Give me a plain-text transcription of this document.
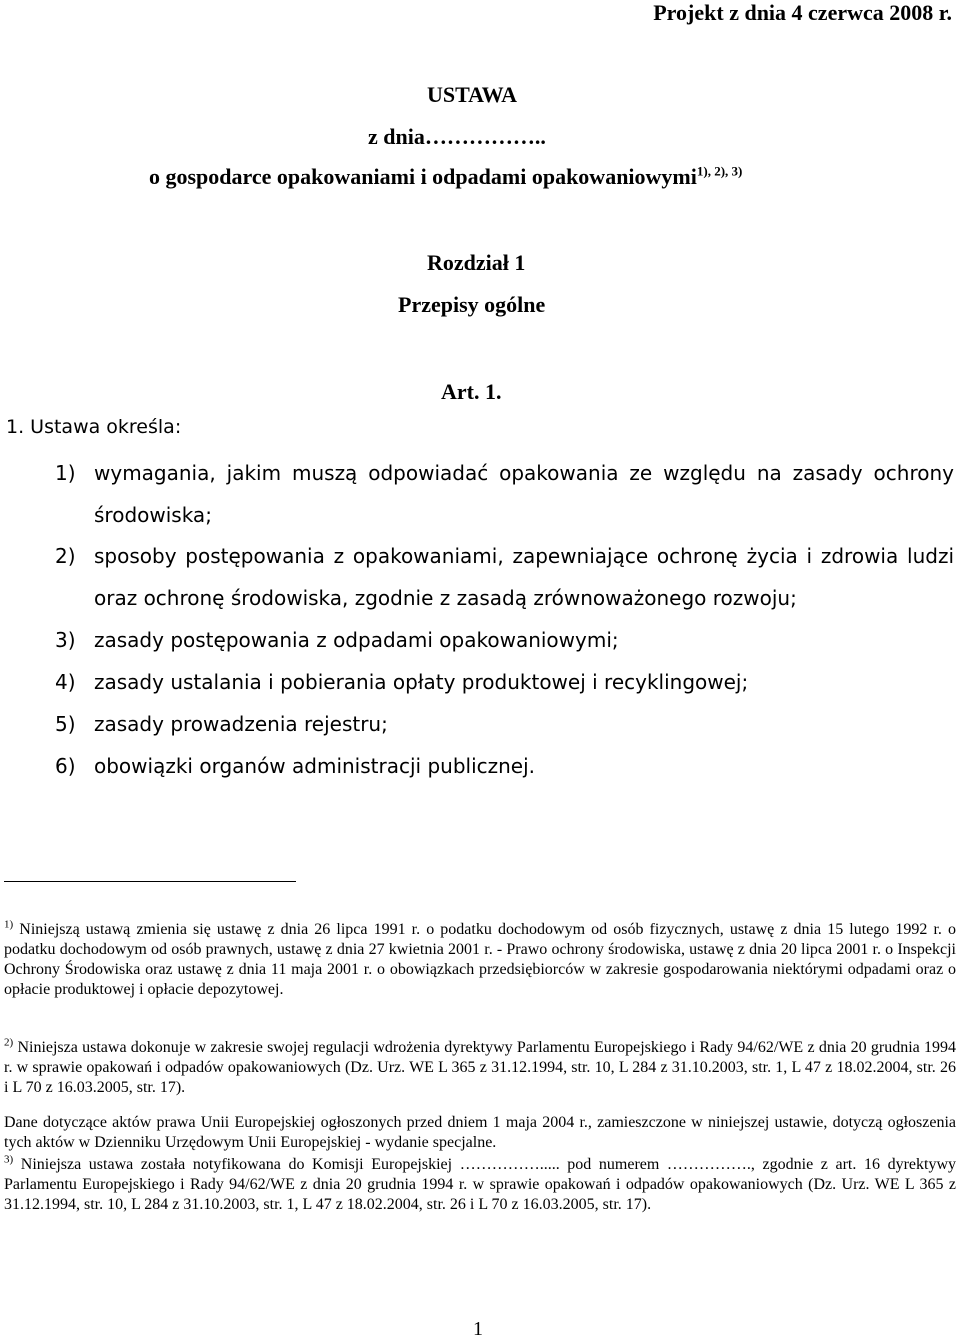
Projekt z dnia 4 czerwca 2008 r.
USTAWA
z dnia……………..
o gospodarce opakowaniami i odpadami opakowaniowymi$^{1), 2), 3)}$
Rozdział 1
Przepisy ogólne
Art. 1.
1. Ustawa określa:
1) wymagania, jakim muszą odpowiadać opakowania ze względu na zasady ochrony
środowiska;
2) sposoby postępowania z opakowaniami, zapewniające ochronę życia i zdrowia ludzi
oraz ochronę środowiska, zgodnie z zasadą zrównoważonego rozwoju;
3) zasady postępowania z odpadami opakowaniowymi;
4) zasady ustalania i pobierania opłaty produktowej i recyklingowej;
5) zasady prowadzenia rejestru;
6) obowiązki organów administracji publicznej.
$^{1)}$ Niniejszą ustawą zmienia się ustawę z dnia 26 lipca 1991 r. o podatku dochodowym od osób fizycznych, ustawę z dnia 15 lutego 1992 r. o podatku dochodowym od osób prawnych, ustawę z dnia 27 kwietnia 2001 r. - Prawo ochrony środowiska, ustawę z dnia 20 lipca 2001 r. o Inspekcji Ochrony Środowiska oraz ustawę z dnia 11 maja 2001 r. o obowiązkach przedsiębiorców w zakresie gospodarowania niektórymi odpadami oraz o opłacie produktowej i opłacie depozytowej.
$^{2)}$ Niniejsza ustawa dokonuje w zakresie swojej regulacji wdrożenia dyrektywy Parlamentu Europejskiego i Rady 94/62/WE z dnia 20 grudnia 1994 r. w sprawie opakowań i odpadów opakowaniowych (Dz. Urz. WE L 365 z 31.12.1994, str. 10, L 284 z 31.10.2003, str. 1, L 47 z 18.02.2004, str. 26 i L 70 z 16.03.2005, str. 17).
Dane dotyczące aktów prawa Unii Europejskiej ogłoszonych przed dniem 1 maja 2004 r., zamieszczone w niniejszej ustawie, dotyczą ogłoszenia tych aktów w Dzienniku Urzędowym Unii Europejskiej - wydanie specjalne.
$^{3)}$ Niniejsza ustawa została notyfikowana do Komisji Europejskiej ……………..... pod numerem ……………., zgodnie z art. 16 dyrektywy Parlamentu Europejskiego i Rady 94/62/WE z dnia 20 grudnia 1994 r. w sprawie opakowań i odpadów opakowaniowych (Dz. Urz. WE L 365 z 31.12.1994, str. 10, L 284 z 31.10.2003, str. 1, L 47 z 18.02.2004, str. 26 i L 70 z 16.03.2005, str. 17).
1
